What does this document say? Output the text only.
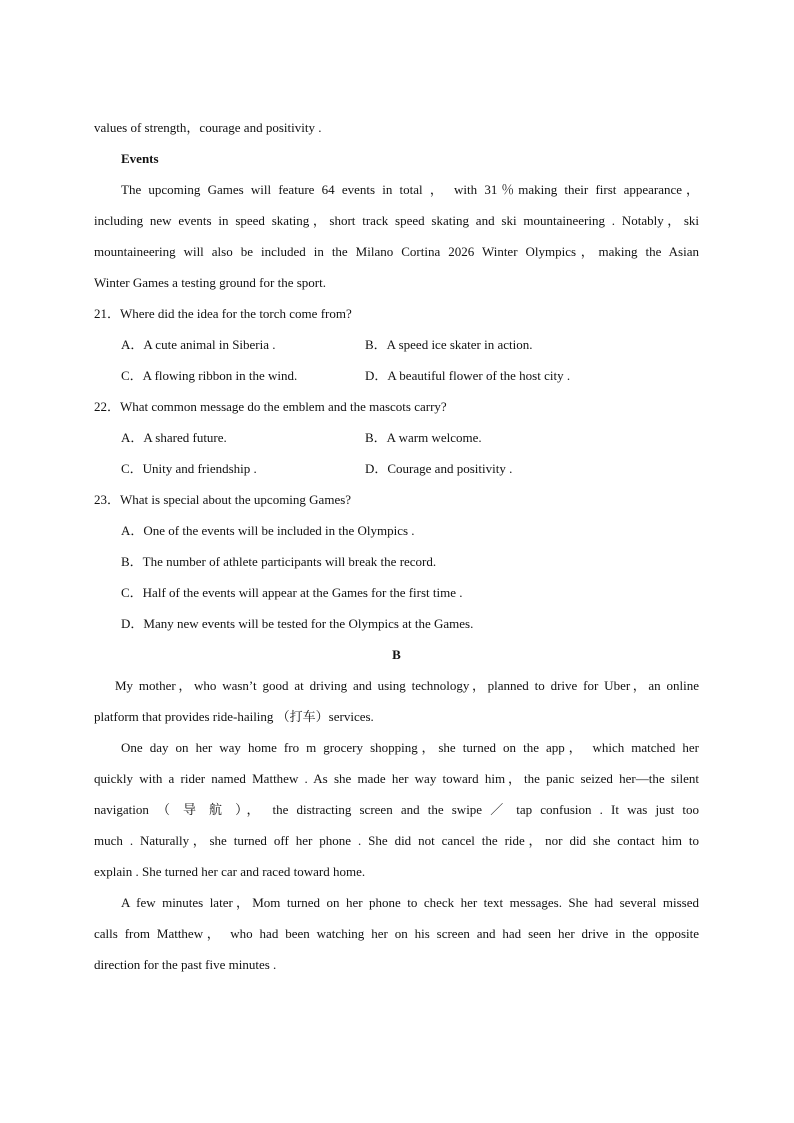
values of strength，courage and positivity .
Events
The upcoming Games will feature 64 events in total ， with 31％making their first appearance，
including new events in speed skating，short track speed skating and ski mountaineering . Notably，ski
mountaineering will also be included in the Milano Cortina 2026 Winter Olympics，making the Asian
Winter Games a testing ground for the sport.
21．Where did the idea for the torch come from?
A．A cute animal in Siberia .	B．A speed ice skater in action.
C．A flowing ribbon in the wind.	D．A beautiful flower of the host city .
22．What common message do the emblem and the mascots carry?
A．A shared future.	B．A warm welcome.
C．Unity and friendship .	D．Courage and positivity .
23．What is special about the upcoming Games?
A．One of the events will be included in the Olympics .
B．The number of athlete participants will break the record.
C．Half of the events will appear at the Games for the first time .
D．Many new events will be tested for the Olympics at the Games.
B
My mother，who wasn’t good at driving and using technology，planned to drive for Uber，an online
platform that provides ride-hailing （打车）services.
One day on her way home fro m grocery shopping，she turned on the app， which matched her
quickly with a rider named Matthew . As she made her way toward him，the panic seized her—the silent
navigation （ 导 航 ）， the distracting screen and the swipe ／ tap confusion . It was just too
much . Naturally，she turned off her phone . She did not cancel the ride，nor did she contact him to
explain . She turned her car and raced toward home.
A few minutes later，Mom turned on her phone to check her text messages. She had several missed
calls from Matthew， who had been watching her on his screen and had seen her drive in the opposite
direction for the past five minutes .
